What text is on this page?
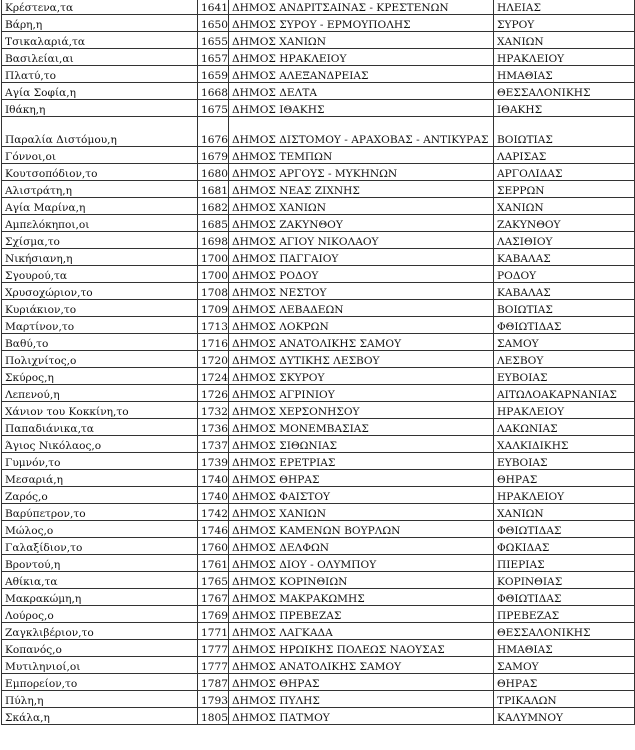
Κρέστενα,τα	1641	ΔΗΜΟΣ ΑΝΔΡΙΤΣΑΙΝΑΣ - ΚΡΕΣΤΕΝΩΝ	ΗΛΕΙΑΣ
Βάρη,η	1650	ΔΗΜΟΣ ΣΥΡΟΥ - ΕΡΜΟΥΠΟΛΗΣ	ΣΥΡΟΥ
Τσικαλαριά,τα	1655	ΔΗΜΟΣ ΧΑΝΙΩΝ	ΧΑΝΙΩΝ
Βασιλείαι,αι	1657	ΔΗΜΟΣ ΗΡΑΚΛΕΙΟΥ	ΗΡΑΚΛΕΙΟΥ
Πλατύ,το	1659	ΔΗΜΟΣ ΑΛΕΞΑΝΔΡΕΙΑΣ	ΗΜΑΘΙΑΣ
Αγία Σοφία,η	1668	ΔΗΜΟΣ ΔΕΛΤΑ	ΘΕΣΣΑΛΟΝΙΚΗΣ
Ιθάκη,η	1675	ΔΗΜΟΣ ΙΘΑΚΗΣ	ΙΘΑΚΗΣ
Παραλία Διστόμου,η	1676	ΔΗΜΟΣ ΔΙΣΤΟΜΟΥ - ΑΡΑΧΟΒΑΣ - ΑΝΤΙΚΥΡΑΣ	ΒΟΙΩΤΙΑΣ
Γόννοι,οι	1679	ΔΗΜΟΣ ΤΕΜΠΩΝ	ΛΑΡΙΣΑΣ
Κουτσοπόδιον,το	1680	ΔΗΜΟΣ ΑΡΓΟΥΣ - ΜΥΚΗΝΩΝ	ΑΡΓΟΛΙΔΑΣ
Αλιστράτη,η	1681	ΔΗΜΟΣ ΝΕΑΣ ΖΙΧΝΗΣ	ΣΕΡΡΩΝ
Αγία Μαρίνα,η	1682	ΔΗΜΟΣ ΧΑΝΙΩΝ	ΧΑΝΙΩΝ
Αμπελόκηποι,οι	1685	ΔΗΜΟΣ ΖΑΚΥΝΘΟΥ	ΖΑΚΥΝΘΟΥ
Σχίσμα,το	1698	ΔΗΜΟΣ ΑΓΙΟΥ ΝΙΚΟΛΑΟΥ	ΛΑΣΙΘΙΟΥ
Νικήσιανη,η	1700	ΔΗΜΟΣ ΠΑΓΓΑΙΟΥ	ΚΑΒΑΛΑΣ
Σγουρού,τα	1700	ΔΗΜΟΣ ΡΟΔΟΥ	ΡΟΔΟΥ
Χρυσοχώριον,το	1708	ΔΗΜΟΣ ΝΕΣΤΟΥ	ΚΑΒΑΛΑΣ
Κυριάκιον,το	1709	ΔΗΜΟΣ ΛΕΒΑΔΕΩΝ	ΒΟΙΩΤΙΑΣ
Μαρτίνον,το	1713	ΔΗΜΟΣ ΛΟΚΡΩΝ	ΦΘΙΩΤΙΔΑΣ
Βαθύ,το	1716	ΔΗΜΟΣ ΑΝΑΤΟΛΙΚΗΣ ΣΑΜΟΥ	ΣΑΜΟΥ
Πολιχνίτος,ο	1720	ΔΗΜΟΣ ΔΥΤΙΚΗΣ ΛΕΣΒΟΥ	ΛΕΣΒΟΥ
Σκύρος,η	1724	ΔΗΜΟΣ ΣΚΥΡΟΥ	ΕΥΒΟΙΑΣ
Λεπενού,η	1726	ΔΗΜΟΣ ΑΓΡΙΝΙΟΥ	ΑΙΤΩΛΟΑΚΑΡΝΑΝΙΑΣ
Χάνιον του Κοκκίνη,το	1732	ΔΗΜΟΣ ΧΕΡΣΟΝΗΣΟΥ	ΗΡΑΚΛΕΙΟΥ
Παπαδιάνικα,τα	1736	ΔΗΜΟΣ ΜΟΝΕΜΒΑΣΙΑΣ	ΛΑΚΩΝΙΑΣ
Άγιος Νικόλαος,ο	1737	ΔΗΜΟΣ ΣΙΘΩΝΙΑΣ	ΧΑΛΚΙΔΙΚΗΣ
Γυμνόν,το	1739	ΔΗΜΟΣ ΕΡΕΤΡΙΑΣ	ΕΥΒΟΙΑΣ
Μεσαριά,η	1740	ΔΗΜΟΣ ΘΗΡΑΣ	ΘΗΡΑΣ
Ζαρός,ο	1740	ΔΗΜΟΣ ΦΑΙΣΤΟΥ	ΗΡΑΚΛΕΙΟΥ
Βαρύπετρον,το	1742	ΔΗΜΟΣ ΧΑΝΙΩΝ	ΧΑΝΙΩΝ
Μώλος,ο	1746	ΔΗΜΟΣ ΚΑΜΕΝΩΝ ΒΟΥΡΛΩΝ	ΦΘΙΩΤΙΔΑΣ
Γαλαξίδιον,το	1760	ΔΗΜΟΣ ΔΕΛΦΩΝ	ΦΩΚΙΔΑΣ
Βροντού,η	1761	ΔΗΜΟΣ ΔΙΟΥ - ΟΛΥΜΠΟΥ	ΠΙΕΡΙΑΣ
Αθίκια,τα	1765	ΔΗΜΟΣ ΚΟΡΙΝΘΙΩΝ	ΚΟΡΙΝΘΙΑΣ
Μακρακώμη,η	1767	ΔΗΜΟΣ ΜΑΚΡΑΚΩΜΗΣ	ΦΘΙΩΤΙΔΑΣ
Λούρος,ο	1769	ΔΗΜΟΣ ΠΡΕΒΕΖΑΣ	ΠΡΕΒΕΖΑΣ
Ζαγκλιβέριον,το	1771	ΔΗΜΟΣ ΛΑΓΚΑΔΑ	ΘΕΣΣΑΛΟΝΙΚΗΣ
Κοπανός,ο	1777	ΔΗΜΟΣ ΗΡΩΙΚΗΣ ΠΟΛΕΩΣ ΝΑΟΥΣΑΣ	ΗΜΑΘΙΑΣ
Μυτιληνιοί,οι	1777	ΔΗΜΟΣ ΑΝΑΤΟΛΙΚΗΣ ΣΑΜΟΥ	ΣΑΜΟΥ
Εμπορείον,το	1787	ΔΗΜΟΣ ΘΗΡΑΣ	ΘΗΡΑΣ
Πύλη,η	1793	ΔΗΜΟΣ ΠΥΛΗΣ	ΤΡΙΚΑΛΩΝ
Σκάλα,η	1805	ΔΗΜΟΣ ΠΑΤΜΟΥ	ΚΑΛΥΜΝΟΥ
